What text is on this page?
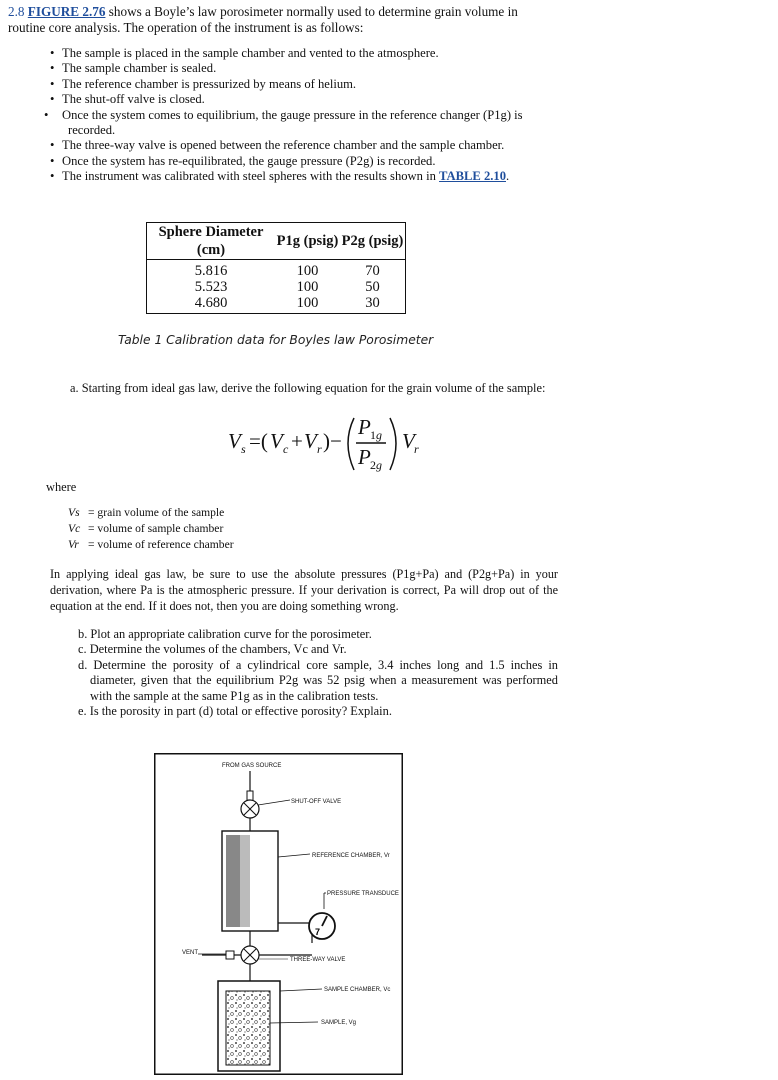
2.8 FIGURE 2.76 shows a Boyle’s law porosimeter normally used to determine grain volume in routine core analysis. The operation of the instrument is as follows:
• The sample is placed in the sample chamber and vented to the atmosphere.
• The sample chamber is sealed.
• The reference chamber is pressurized by means of helium.
• The shut-off valve is closed.
• Once the system comes to equilibrium, the gauge pressure in the reference changer (P1g) is recorded.
• The three-way valve is opened between the reference chamber and the sample chamber.
• Once the system has re-equilibrated, the gauge pressure (P2g) is recorded.
• The instrument was calibrated with steel spheres with the results shown in TABLE 2.10.
Sphere Diameter (cm)	P1g (psig)	P2g (psig)
5.816	100	70
5.523	100	50
4.680	100	30
Table 1 Calibration data for Boyles law Porosimeter
a. Starting from ideal gas law, derive the following equation for the grain volume of the sample:
V s =( V c + V r )−
P 1 g
P 2 g
V r
where
Vs = grain volume of the sample
Vc = volume of sample chamber
Vr = volume of reference chamber
In applying ideal gas law, be sure to use the absolute pressures (P1g+Pa) and (P2g+Pa) in your derivation, where Pa is the atmospheric pressure. If your derivation is correct, Pa will drop out of the equation at the end. If it does not, then you are doing something wrong.

b. Plot an appropriate calibration curve for the porosimeter.

c. Determine the volumes of the chambers, Vc and Vr.

d. Determine the porosity of a cylindrical core sample, 3.4 inches long and 1.5 inches in diameter, given that the equilibrium P2g was 52 psig when a measurement was performed with the sample at the same P1g as in the calibration tests.

e. Is the porosity in part (d) total or effective porosity? Explain.

FROM GAS SOURCE
SHUT-OFF VALVE
REFERENCE CHAMBER, Vr
PRESSURE TRANSDUCE
VENT
THREE-WAY VALVE
SAMPLE CHAMBER, Vc
SAMPLE, Vg
7
